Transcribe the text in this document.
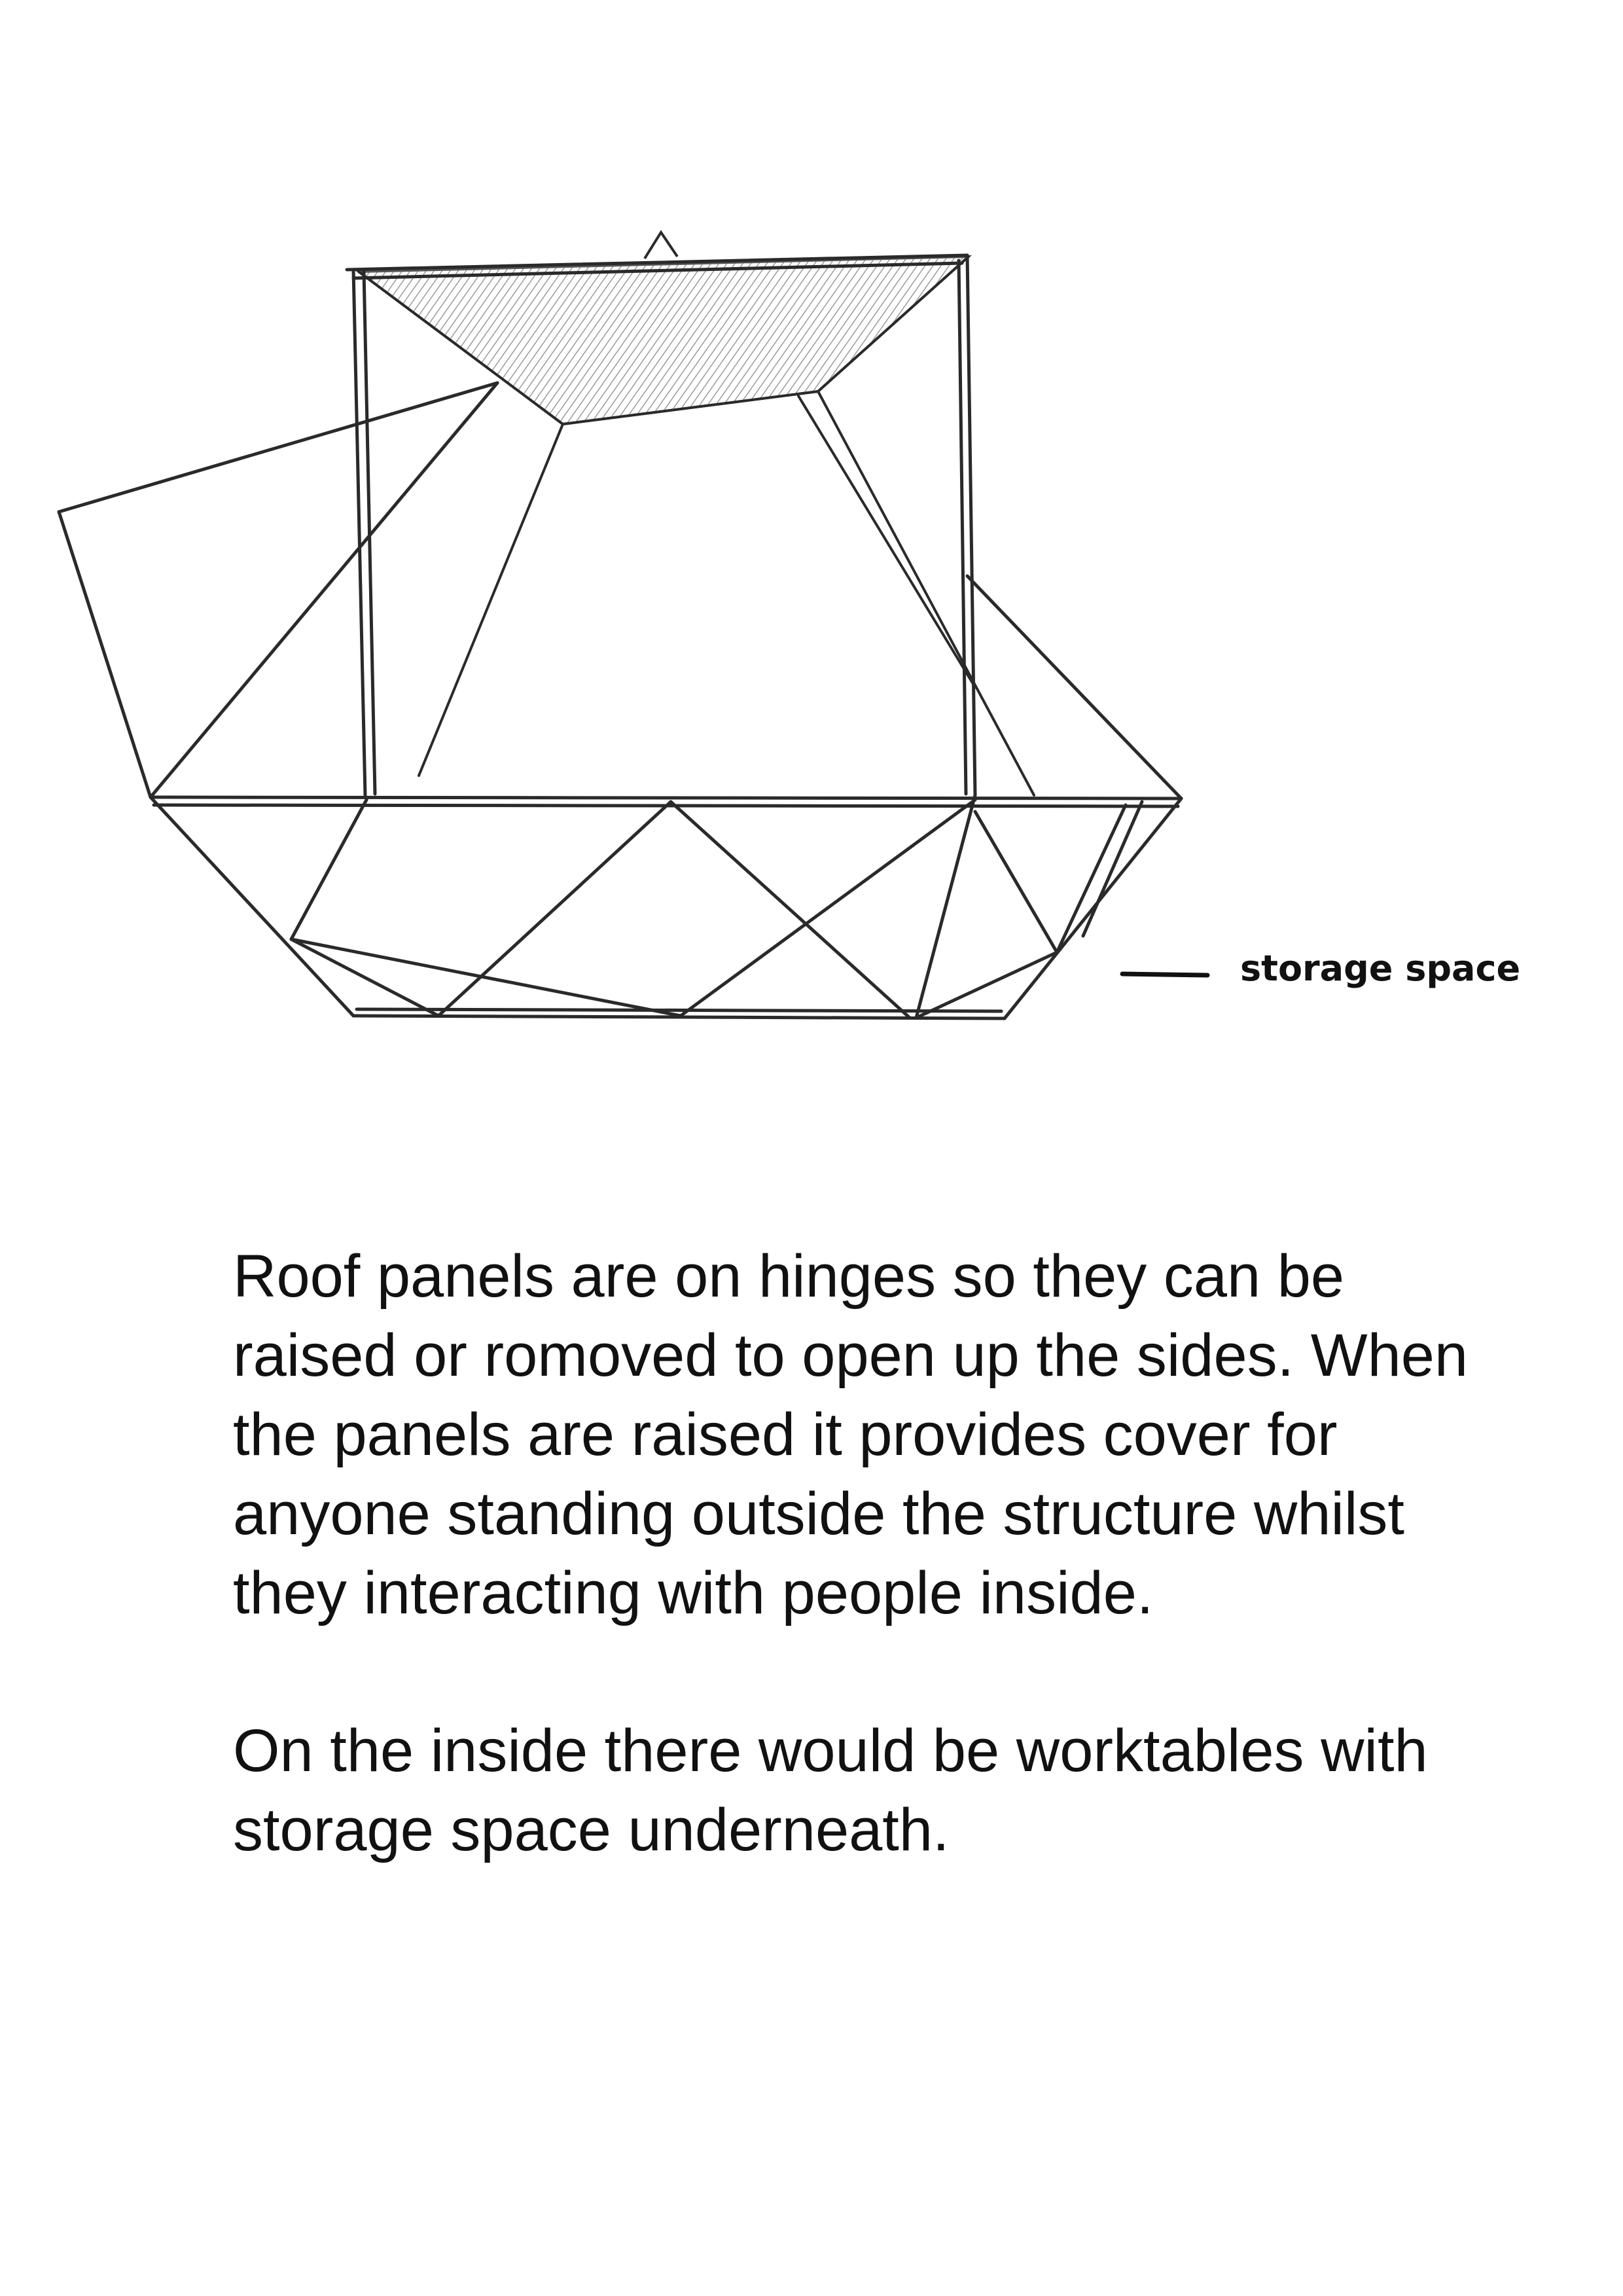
storage space

Roof panels are on hinges so they can be raised or romoved to open up the sides. When the panels are raised it provides cover for anyone standing outside the structure whilst they interacting with people inside.

On the inside there would be worktables with storage space underneath.
